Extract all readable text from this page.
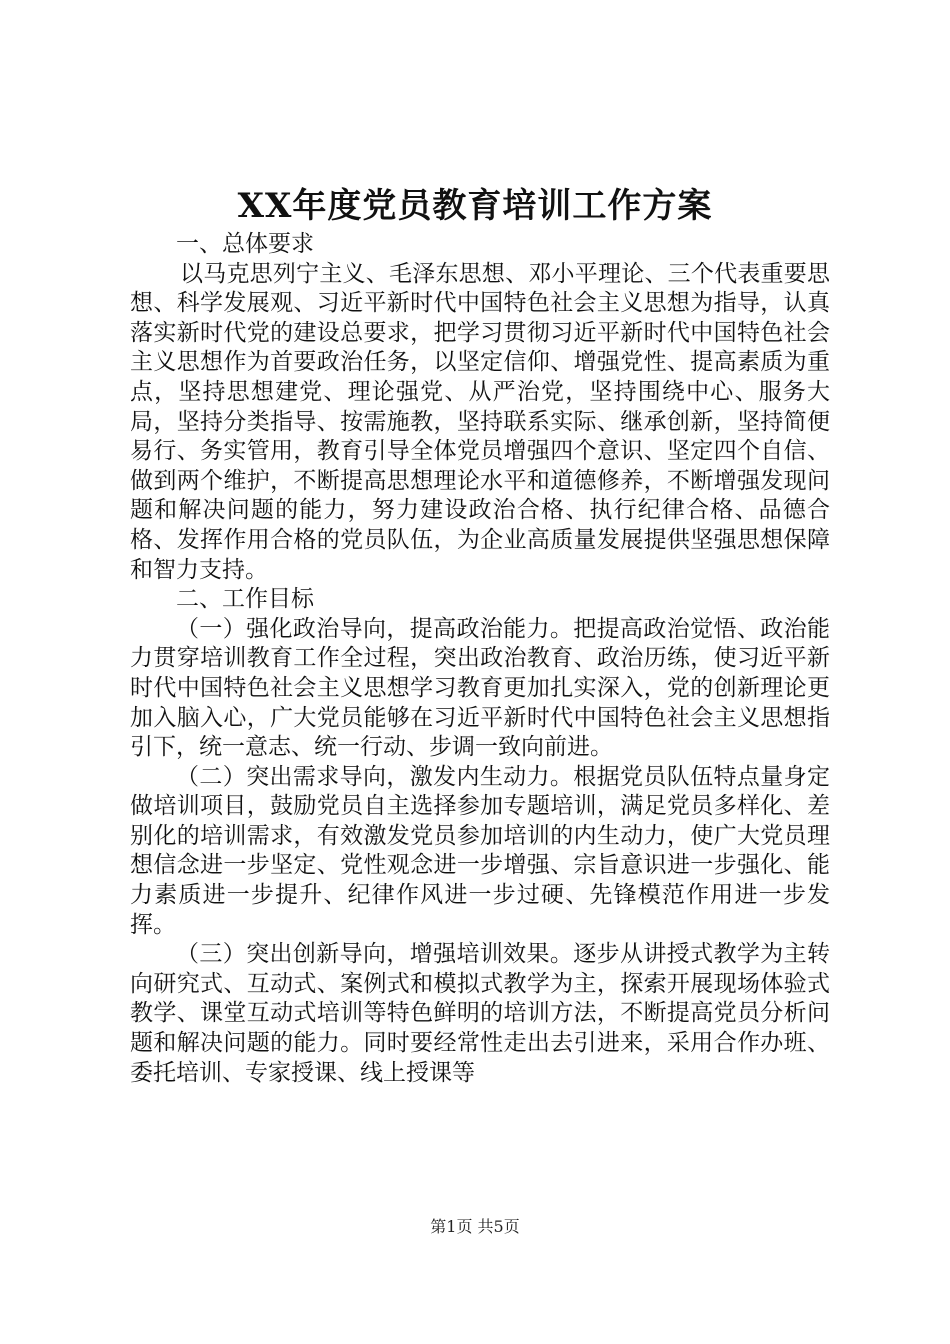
XX年度党员教育培训工作方案

一、总体要求

以马克思列宁主义、毛泽东思想、邓小平理论、三个代表重要思想、科学发展观、习近平新时代中国特色社会主义思想为指导，认真落实新时代党的建设总要求，把学习贯彻习近平新时代中国特色社会主义思想作为首要政治任务，以坚定信仰、增强党性、提高素质为重点，坚持思想建党、理论强党、从严治党，坚持围绕中心、服务大局，坚持分类指导、按需施教，坚持联系实际、继承创新，坚持简便易行、务实管用，教育引导全体党员增强四个意识、坚定四个自信、做到两个维护，不断提高思想理论水平和道德修养，不断增强发现问题和解决问题的能力，努力建设政治合格、执行纪律合格、品德合格、发挥作用合格的党员队伍，为企业高质量发展提供坚强思想保障和智力支持。

二、工作目标

（一）强化政治导向，提高政治能力。把提高政治觉悟、政治能力贯穿培训教育工作全过程，突出政治教育、政治历练，使习近平新时代中国特色社会主义思想学习教育更加扎实深入，党的创新理论更加入脑入心，广大党员能够在习近平新时代中国特色社会主义思想指引下，统一意志、统一行动、步调一致向前进。

（二）突出需求导向，激发内生动力。根据党员队伍特点量身定做培训项目，鼓励党员自主选择参加专题培训，满足党员多样化、差别化的培训需求，有效激发党员参加培训的内生动力，使广大党员理想信念进一步坚定、党性观念进一步增强、宗旨意识进一步强化、能力素质进一步提升、纪律作风进一步过硬、先锋模范作用进一步发挥。

（三）突出创新导向，增强培训效果。逐步从讲授式教学为主转向研究式、互动式、案例式和模拟式教学为主，探索开展现场体验式教学、课堂互动式培训等特色鲜明的培训方法，不断提高党员分析问题和解决问题的能力。同时要经常性走出去引进来，采用合作办班、委托培训、专家授课、线上授课等

第1页 共5页
